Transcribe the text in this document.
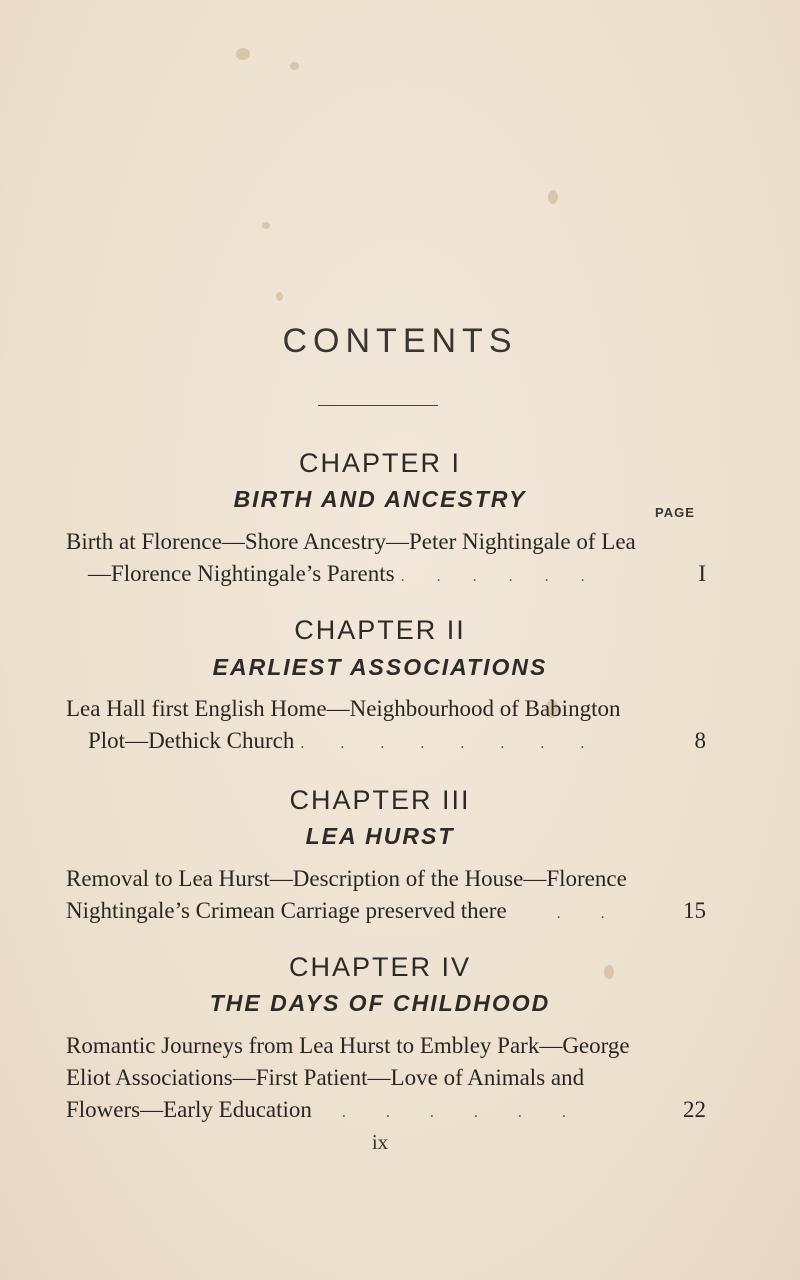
CONTENTS
PAGE
CHAPTER I
BIRTH AND ANCESTRY
Birth at Florence—Shore Ancestry—Peter Nightingale of Lea
—Florence Nightingale’s Parents .        .        .        .        .        .	I
CHAPTER II
EARLIEST ASSOCIATIONS
Lea Hall first English Home—Neighbourhood of Babington
Plot—Dethick Church .         .         .         .         .         .         .         .	8
CHAPTER III
LEA HURST
Removal to Lea Hurst—Description of the House—Florence
Nightingale’s Crimean Carriage preserved there .          .	15
CHAPTER IV
THE DAYS OF CHILDHOOD
Romantic Journeys from Lea Hurst to Embley Park—George
Eliot Associations—First Patient—Love of Animals and
Flowers—Early Education .          .          .          .          .          .	22
ix
